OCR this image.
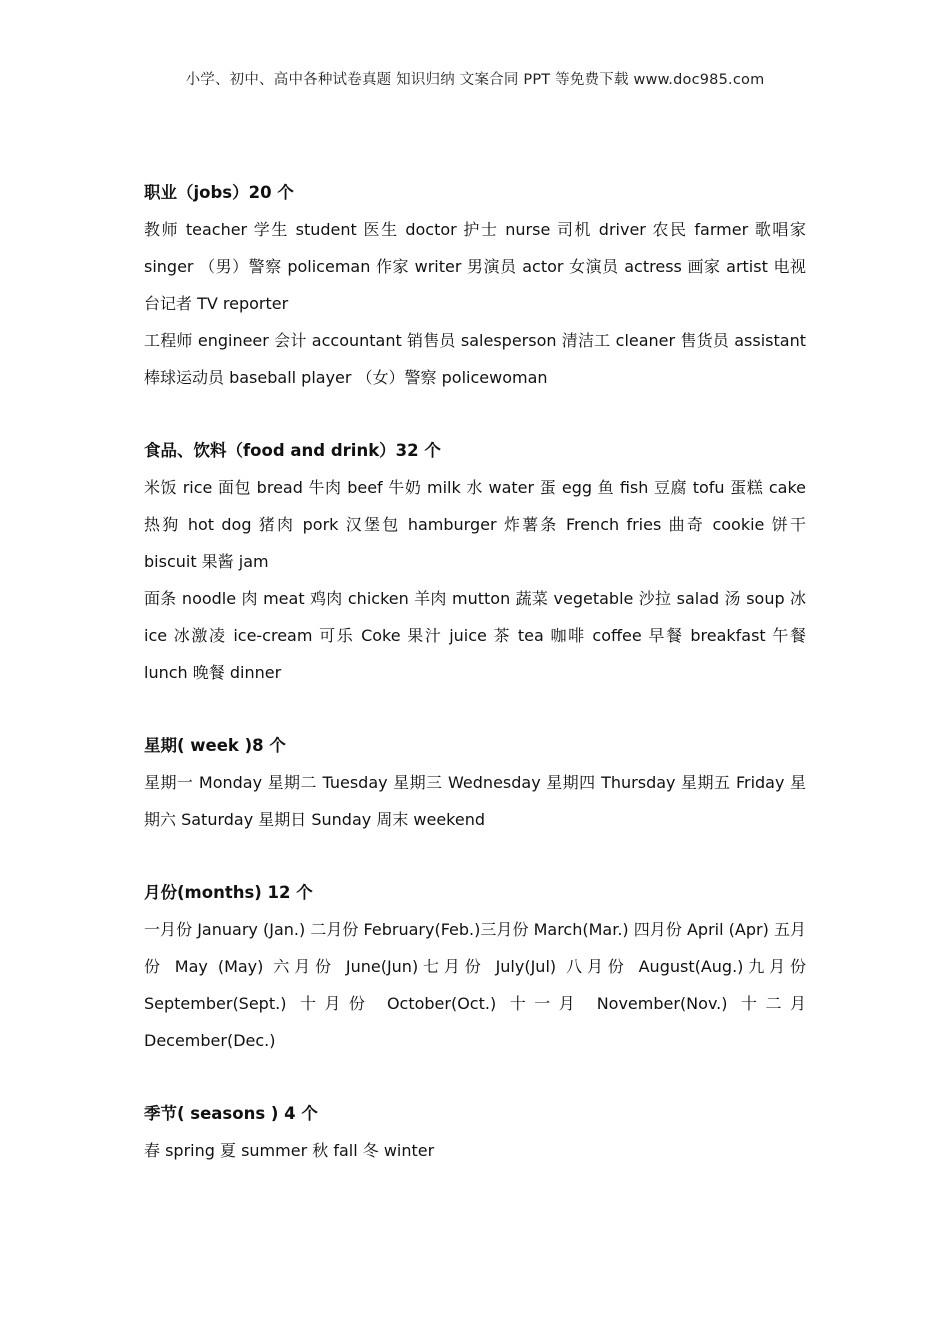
小学、初中、高中各种试卷真题 知识归纳 文案合同 PPT 等免费下载 www.doc985.com

职业（jobs）20 个

教师 teacher 学生 student 医生 doctor 护士 nurse 司机 driver 农民 farmer 歌唱家 singer （男）警察 policeman 作家 writer 男演员 actor 女演员 actress 画家 artist 电视台记者 TV reporter

工程师 engineer 会计 accountant 销售员 salesperson 清洁工 cleaner 售货员 assistant 棒球运动员 baseball player （女）警察 policewoman

食品、饮料（food and drink）32 个

米饭 rice 面包 bread 牛肉 beef 牛奶 milk 水 water 蛋 egg 鱼 fish 豆腐 tofu 蛋糕 cake 热狗 hot dog 猪肉 pork 汉堡包 hamburger 炸薯条 French fries 曲奇 cookie 饼干 biscuit 果酱 jam

面条 noodle 肉 meat 鸡肉 chicken 羊肉 mutton 蔬菜 vegetable 沙拉 salad 汤 soup 冰 ice 冰激凌 ice-cream 可乐 Coke 果汁 juice 茶 tea 咖啡 coffee 早餐 breakfast 午餐 lunch 晚餐 dinner

星期( week )8 个

星期一 Monday 星期二 Tuesday 星期三 Wednesday 星期四 Thursday 星期五 Friday 星期六 Saturday 星期日 Sunday 周末 weekend

月份(months) 12 个

一月份 January (Jan.) 二月份 February(Feb.)三月份 March(Mar.) 四月份 April (Apr) 五月份 May (May) 六月份 June(Jun)七月份 July(Jul) 八月份 August(Aug.)九月份 September(Sept.) 十月份 October(Oct.) 十一月 November(Nov.) 十二月 December(Dec.)

季节( seasons ) 4 个

春 spring 夏 summer 秋 fall 冬 winter
